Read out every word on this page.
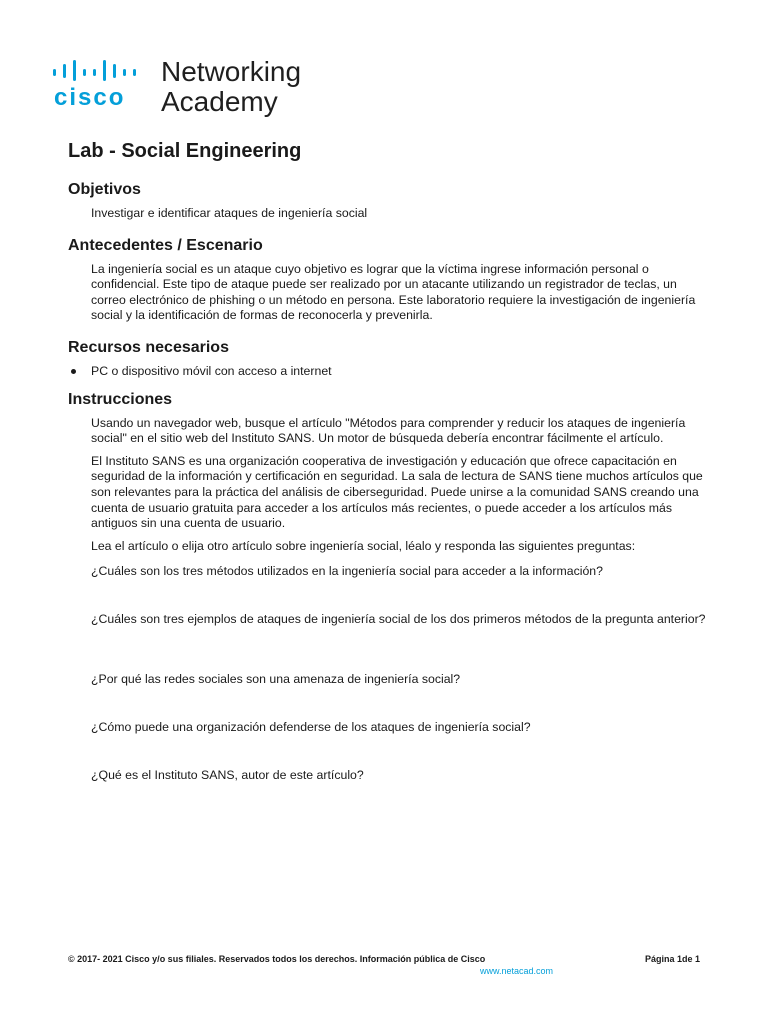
cisco
Networking
Academy
Lab - Social Engineering
Objetivos
Investigar e identificar ataques de ingeniería social
Antecedentes / Escenario
La ingeniería social es un ataque cuyo objetivo es lograr que la víctima ingrese información personal o confidencial. Este tipo de ataque puede ser realizado por un atacante utilizando un registrador de teclas, un correo electrónico de phishing o un método en persona. Este laboratorio requiere la investigación de ingeniería social y la identificación de formas de reconocerla y prevenirla.
Recursos necesarios
PC o dispositivo móvil con acceso a internet
Instrucciones

Usando un navegador web, busque el artículo "Métodos para comprender y reducir los ataques de ingeniería social" en el sitio web del Instituto SANS. Un motor de búsqueda debería encontrar fácilmente el artículo.

El Instituto SANS es una organización cooperativa de investigación y educación que ofrece capacitación en seguridad de la información y certificación en seguridad. La sala de lectura de SANS tiene muchos artículos que son relevantes para la práctica del análisis de ciberseguridad. Puede unirse a la comunidad SANS creando una cuenta de usuario gratuita para acceder a los artículos más recientes, o puede acceder a los artículos más antiguos sin una cuenta de usuario.

Lea el artículo o elija otro artículo sobre ingeniería social, léalo y responda las siguientes preguntas:

¿Cuáles son los tres métodos utilizados en la ingeniería social para acceder a la información?
¿Cuáles son tres ejemplos de ataques de ingeniería social de los dos primeros métodos de la pregunta anterior?
¿Por qué las redes sociales son una amenaza de ingeniería social?
¿Cómo puede una organización defenderse de los ataques de ingeniería social?
¿Qué es el Instituto SANS, autor de este artículo?
© 2017- 2021 Cisco y/o sus filiales. Reservados todos los derechos. Información pública de Cisco	Página 1de 1
www.netacad.com
